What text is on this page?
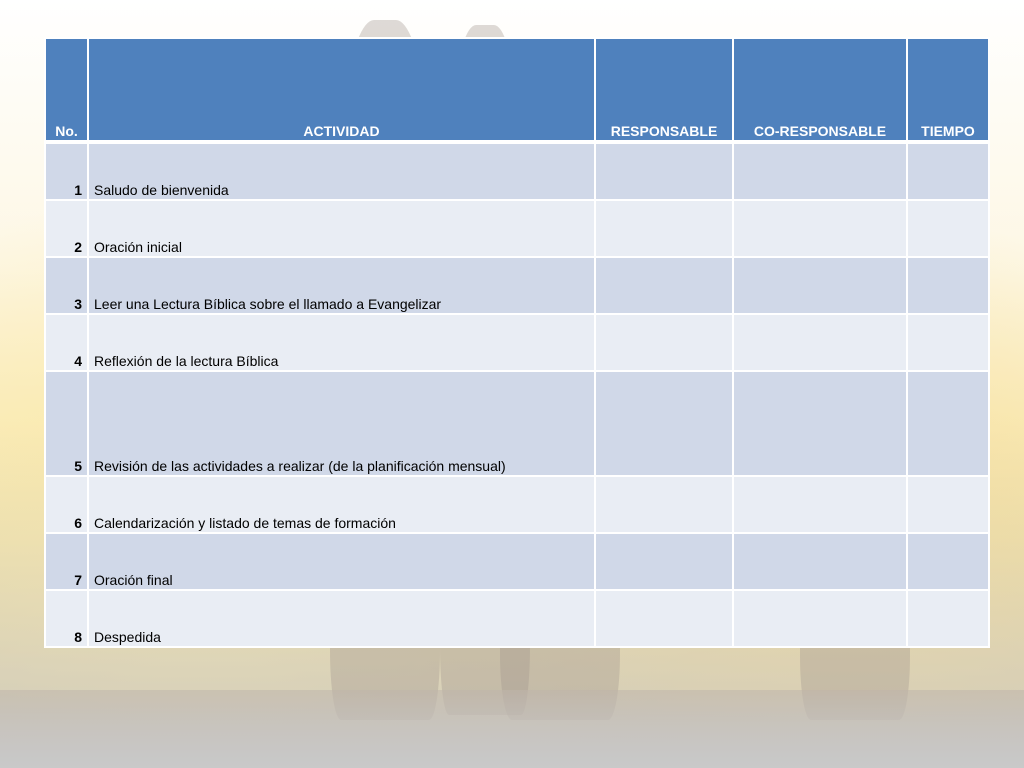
No.	ACTIVIDAD	RESPONSABLE	CO-RESPONSABLE	TIEMPO
1	Saludo de bienvenida			
2	Oración inicial			
3	Leer una Lectura Bíblica sobre el llamado a Evangelizar			
4	Reflexión de la lectura Bíblica			
5	Revisión de las actividades a realizar (de la planificación mensual)			
6	Calendarización y listado de temas de formación			
7	Oración final			
8	Despedida			
